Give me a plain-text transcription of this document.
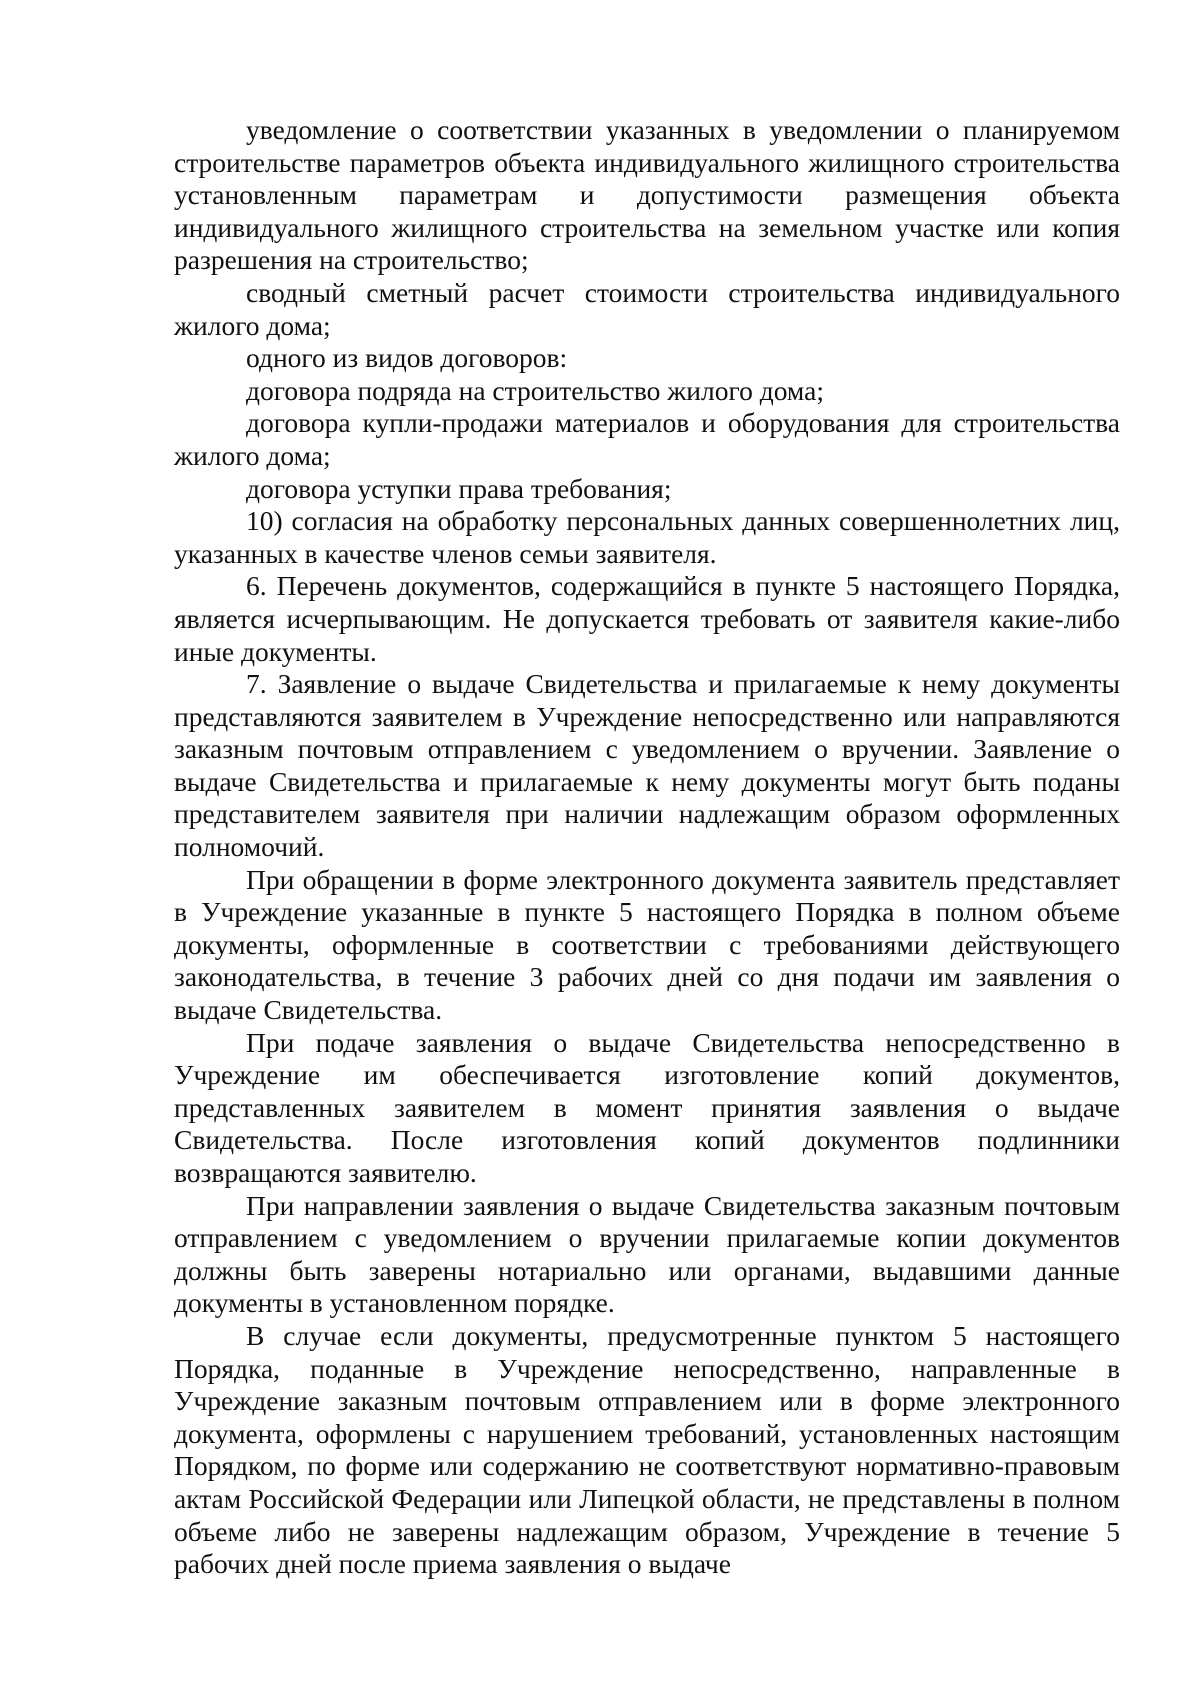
уведомление о соответствии указанных в уведомлении о планируемом строительстве параметров объекта индивидуального жилищного строительства установленным параметрам и допустимости размещения объекта индивидуального жилищного строительства на земельном участке или копия разрешения на строительство;

сводный сметный расчет стоимости строительства индивидуального жилого дома;

одного из видов договоров:

договора подряда на строительство жилого дома;

договора купли-продажи материалов и оборудования для строительства жилого дома;

договора уступки права требования;

10) согласия на обработку персональных данных совершеннолетних лиц, указанных в качестве членов семьи заявителя.

6. Перечень документов, содержащийся в пункте 5 настоящего Порядка, является исчерпывающим. Не допускается требовать от заявителя какие-либо иные документы.

7. Заявление о выдаче Свидетельства и прилагаемые к нему документы представляются заявителем в Учреждение непосредственно или направляются заказным почтовым отправлением с уведомлением о вручении. Заявление о выдаче Свидетельства и прилагаемые к нему документы могут быть поданы представителем заявителя при наличии надлежащим образом оформленных полномочий.

При обращении в форме электронного документа заявитель представляет в Учреждение указанные в пункте 5 настоящего Порядка в полном объеме документы, оформленные в соответствии с требованиями действующего законодательства, в течение 3 рабочих дней со дня подачи им заявления о выдаче Свидетельства.

При подаче заявления о выдаче Свидетельства непосредственно в Учреждение им обеспечивается изготовление копий документов, представленных заявителем в момент принятия заявления о выдаче Свидетельства. После изготовления копий документов подлинники возвращаются заявителю.

При направлении заявления о выдаче Свидетельства заказным почтовым отправлением с уведомлением о вручении прилагаемые копии документов должны быть заверены нотариально или органами, выдавшими данные документы в установленном порядке.

В случае если документы, предусмотренные пунктом 5 настоящего Порядка, поданные в Учреждение непосредственно, направленные в Учреждение заказным почтовым отправлением или в форме электронного документа, оформлены с нарушением требований, установленных настоящим Порядком, по форме или содержанию не соответствуют нормативно-правовым актам Российской Федерации или Липецкой области, не представлены в полном объеме либо не заверены надлежащим образом, Учреждение в течение 5 рабочих дней после приема заявления о выдаче
